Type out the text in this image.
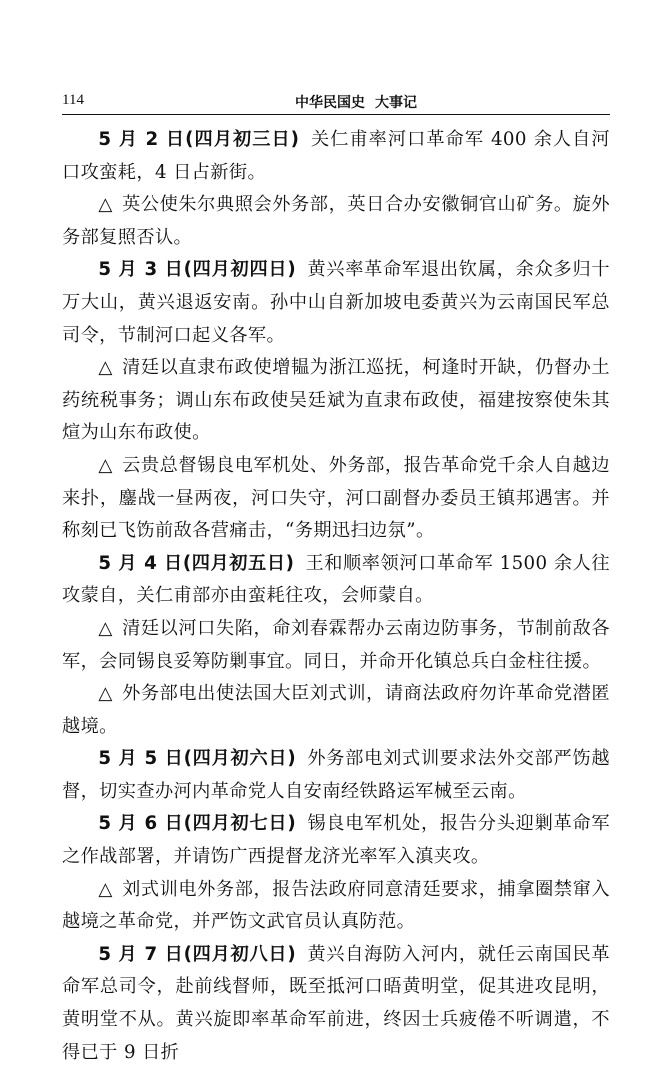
114	中华民国史 大事记

5 月 2 日(四月初三日) 关仁甫率河口革命军 400 余人自河口攻蛮耗，4 日占新街。

△ 英公使朱尔典照会外务部，英日合办安徽铜官山矿务。旋外务部复照否认。

5 月 3 日(四月初四日) 黄兴率革命军退出钦属，余众多归十万大山，黄兴退返安南。孙中山自新加坡电委黄兴为云南国民军总司令，节制河口起义各军。

△ 清廷以直隶布政使增韫为浙江巡抚，柯逢时开缺，仍督办土药统税事务；调山东布政使吴廷斌为直隶布政使，福建按察使朱其煊为山东布政使。

△ 云贵总督锡良电军机处、外务部，报告革命党千余人自越边来扑，鏖战一昼两夜，河口失守，河口副督办委员王镇邦遇害。并称刻已飞饬前敌各营痛击，“务期迅扫边氛”。

5 月 4 日(四月初五日) 王和顺率领河口革命军 1500 余人往攻蒙自，关仁甫部亦由蛮耗往攻，会师蒙自。

△ 清廷以河口失陷，命刘春霖帮办云南边防事务，节制前敌各军，会同锡良妥筹防剿事宜。同日，并命开化镇总兵白金柱往援。

△ 外务部电出使法国大臣刘式训，请商法政府勿许革命党潜匿越境。

5 月 5 日(四月初六日) 外务部电刘式训要求法外交部严饬越督，切实查办河内革命党人自安南经铁路运军械至云南。

5 月 6 日(四月初七日) 锡良电军机处，报告分头迎剿革命军之作战部署，并请饬广西提督龙济光率军入滇夹攻。

△ 刘式训电外务部，报告法政府同意清廷要求，捕拿圈禁窜入越境之革命党，并严饬文武官员认真防范。

5 月 7 日(四月初八日) 黄兴自海防入河内，就任云南国民革命军总司令，赴前线督师，既至抵河口晤黄明堂，促其进攻昆明，黄明堂不从。黄兴旋即率革命军前进，终因士兵疲倦不听调遣，不得已于 9 日折
